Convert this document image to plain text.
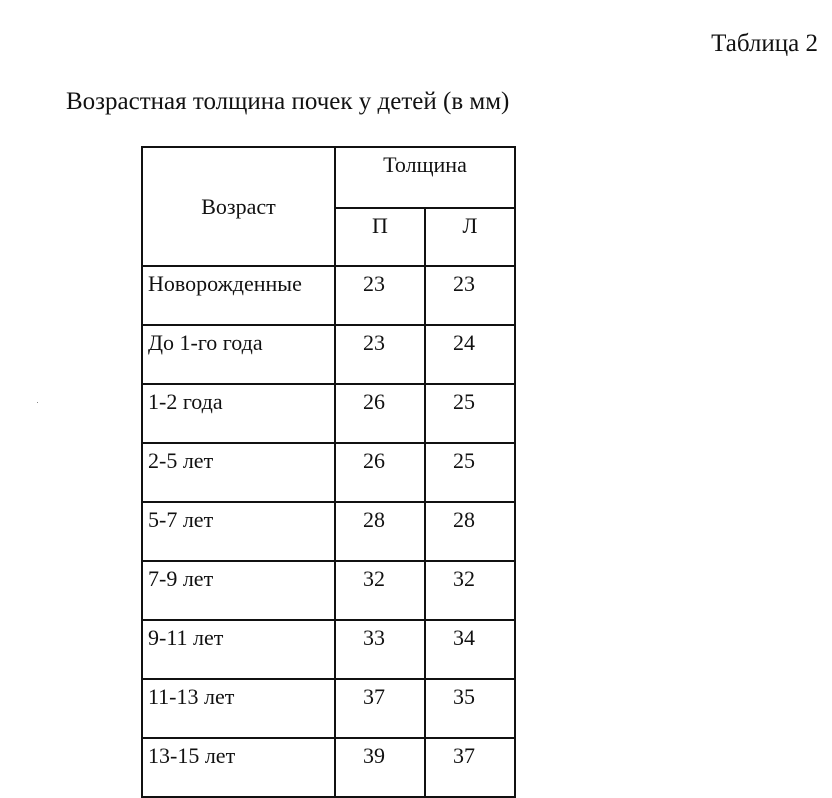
Таблица 2
Возрастная толщина почек у детей (в мм)
Возраст	Толщина	
	П	Л
Новорожденные	23	23
До 1-го года	23	24
1-2 года	26	25
2-5 лет	26	25
5-7 лет	28	28
7-9 лет	32	32
9-11 лет	33	34
11-13 лет	37	35
13-15 лет	39	37
